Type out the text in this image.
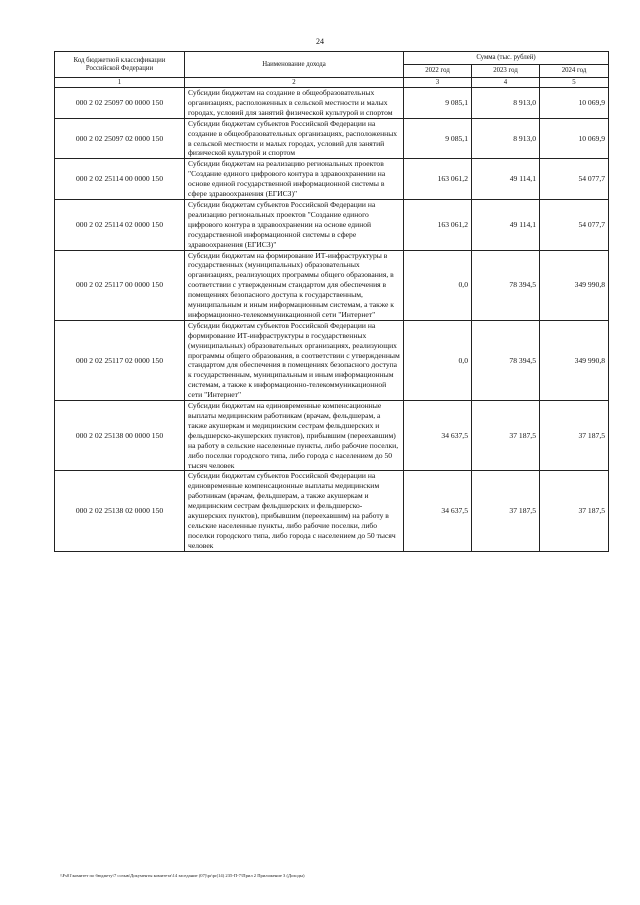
24
Код бюджетной классификации Российской Федерации	Наименование дохода	Сумма (тыс. рублей)		
		2022 год	2023 год	2024 год
1	2	3	4	5
000 2 02 25097 00 0000 150	Субсидии бюджетам на создание в общеобразовательных организациях, расположенных в сельской местности и малых городах, условий для занятий физической культурой и спортом	9 085,1	8 913,0	10 069,9
000 2 02 25097 02 0000 150	Субсидии бюджетам субъектов Российской Федерации на создание в общеобразовательных организациях, расположенных в сельской местности и малых городах, условий для занятий физической культурой и спортом	9 085,1	8 913,0	10 069,9
000 2 02 25114 00 0000 150	Субсидии бюджетам на реализацию региональных проектов "Создание единого цифрового контура в здравоохранении на основе единой государственной информационной системы в сфере здравоохранения (ЕГИСЗ)"	163 061,2	49 114,1	54 077,7
000 2 02 25114 02 0000 150	Субсидии бюджетам субъектов Российской Федерации на реализацию региональных проектов "Создание единого цифрового контура в здравоохранении на основе единой государственной информационной системы в сфере здравоохранения (ЕГИСЗ)"	163 061,2	49 114,1	54 077,7
000 2 02 25117 00 0000 150	Субсидии бюджетам на формирование ИТ-инфраструктуры в государственных (муниципальных) образовательных организациях, реализующих программы общего образования, в соответствии с утвержденным стандартом для обеспечения в помещениях безопасного доступа к государственным, муниципальным и иным информационным системам, а также к информационно-телекоммуникационной сети "Интернет"	0,0	78 394,5	349 990,8
000 2 02 25117 02 0000 150	Субсидии бюджетам субъектов Российской Федерации на формирование ИТ-инфраструктуры в государственных (муниципальных) образовательных организациях, реализующих программы общего образования, в соответствии с утвержденным стандартом для обеспечения в помещениях безопасного доступа к государственным, муниципальным и иным информационным системам, а также к информационно-телекоммуникационной сети "Интернет"	0,0	78 394,5	349 990,8
000 2 02 25138 00 0000 150	Субсидии бюджетам на единовременные компенсационные выплаты медицинским работникам (врачам, фельдшерам, а также акушеркам и медицинским сестрам фельдшерских и фельдшерско-акушерских пунктов), прибывшим (переехавшим) на работу в сельские населенные пункты, либо рабочие поселки, либо поселки городского типа, либо города с населением до 50 тысяч человек	34 637,5	37 187,5	37 187,5
000 2 02 25138 02 0000 150	Субсидии бюджетам субъектов Российской Федерации на единовременные компенсационные выплаты медицинским работникам (врачам, фельдшерам, а также акушеркам и медицинским сестрам фельдшерских и фельдшерско-акушерских пунктов), прибывшим (переехавшим) на работу в сельские населенные пункты, либо рабочие поселки, либо поселки городского типа, либо города с населением до 50 тысяч человек	34 637,5	37 187,5	37 187,5
\\Fs01\комитет по бюджету\7 созыв\Документы комитета\14 заседание (07)\pr\pr(14) 235-П-7\Прил 2 Приложение 3 (Доходы)
